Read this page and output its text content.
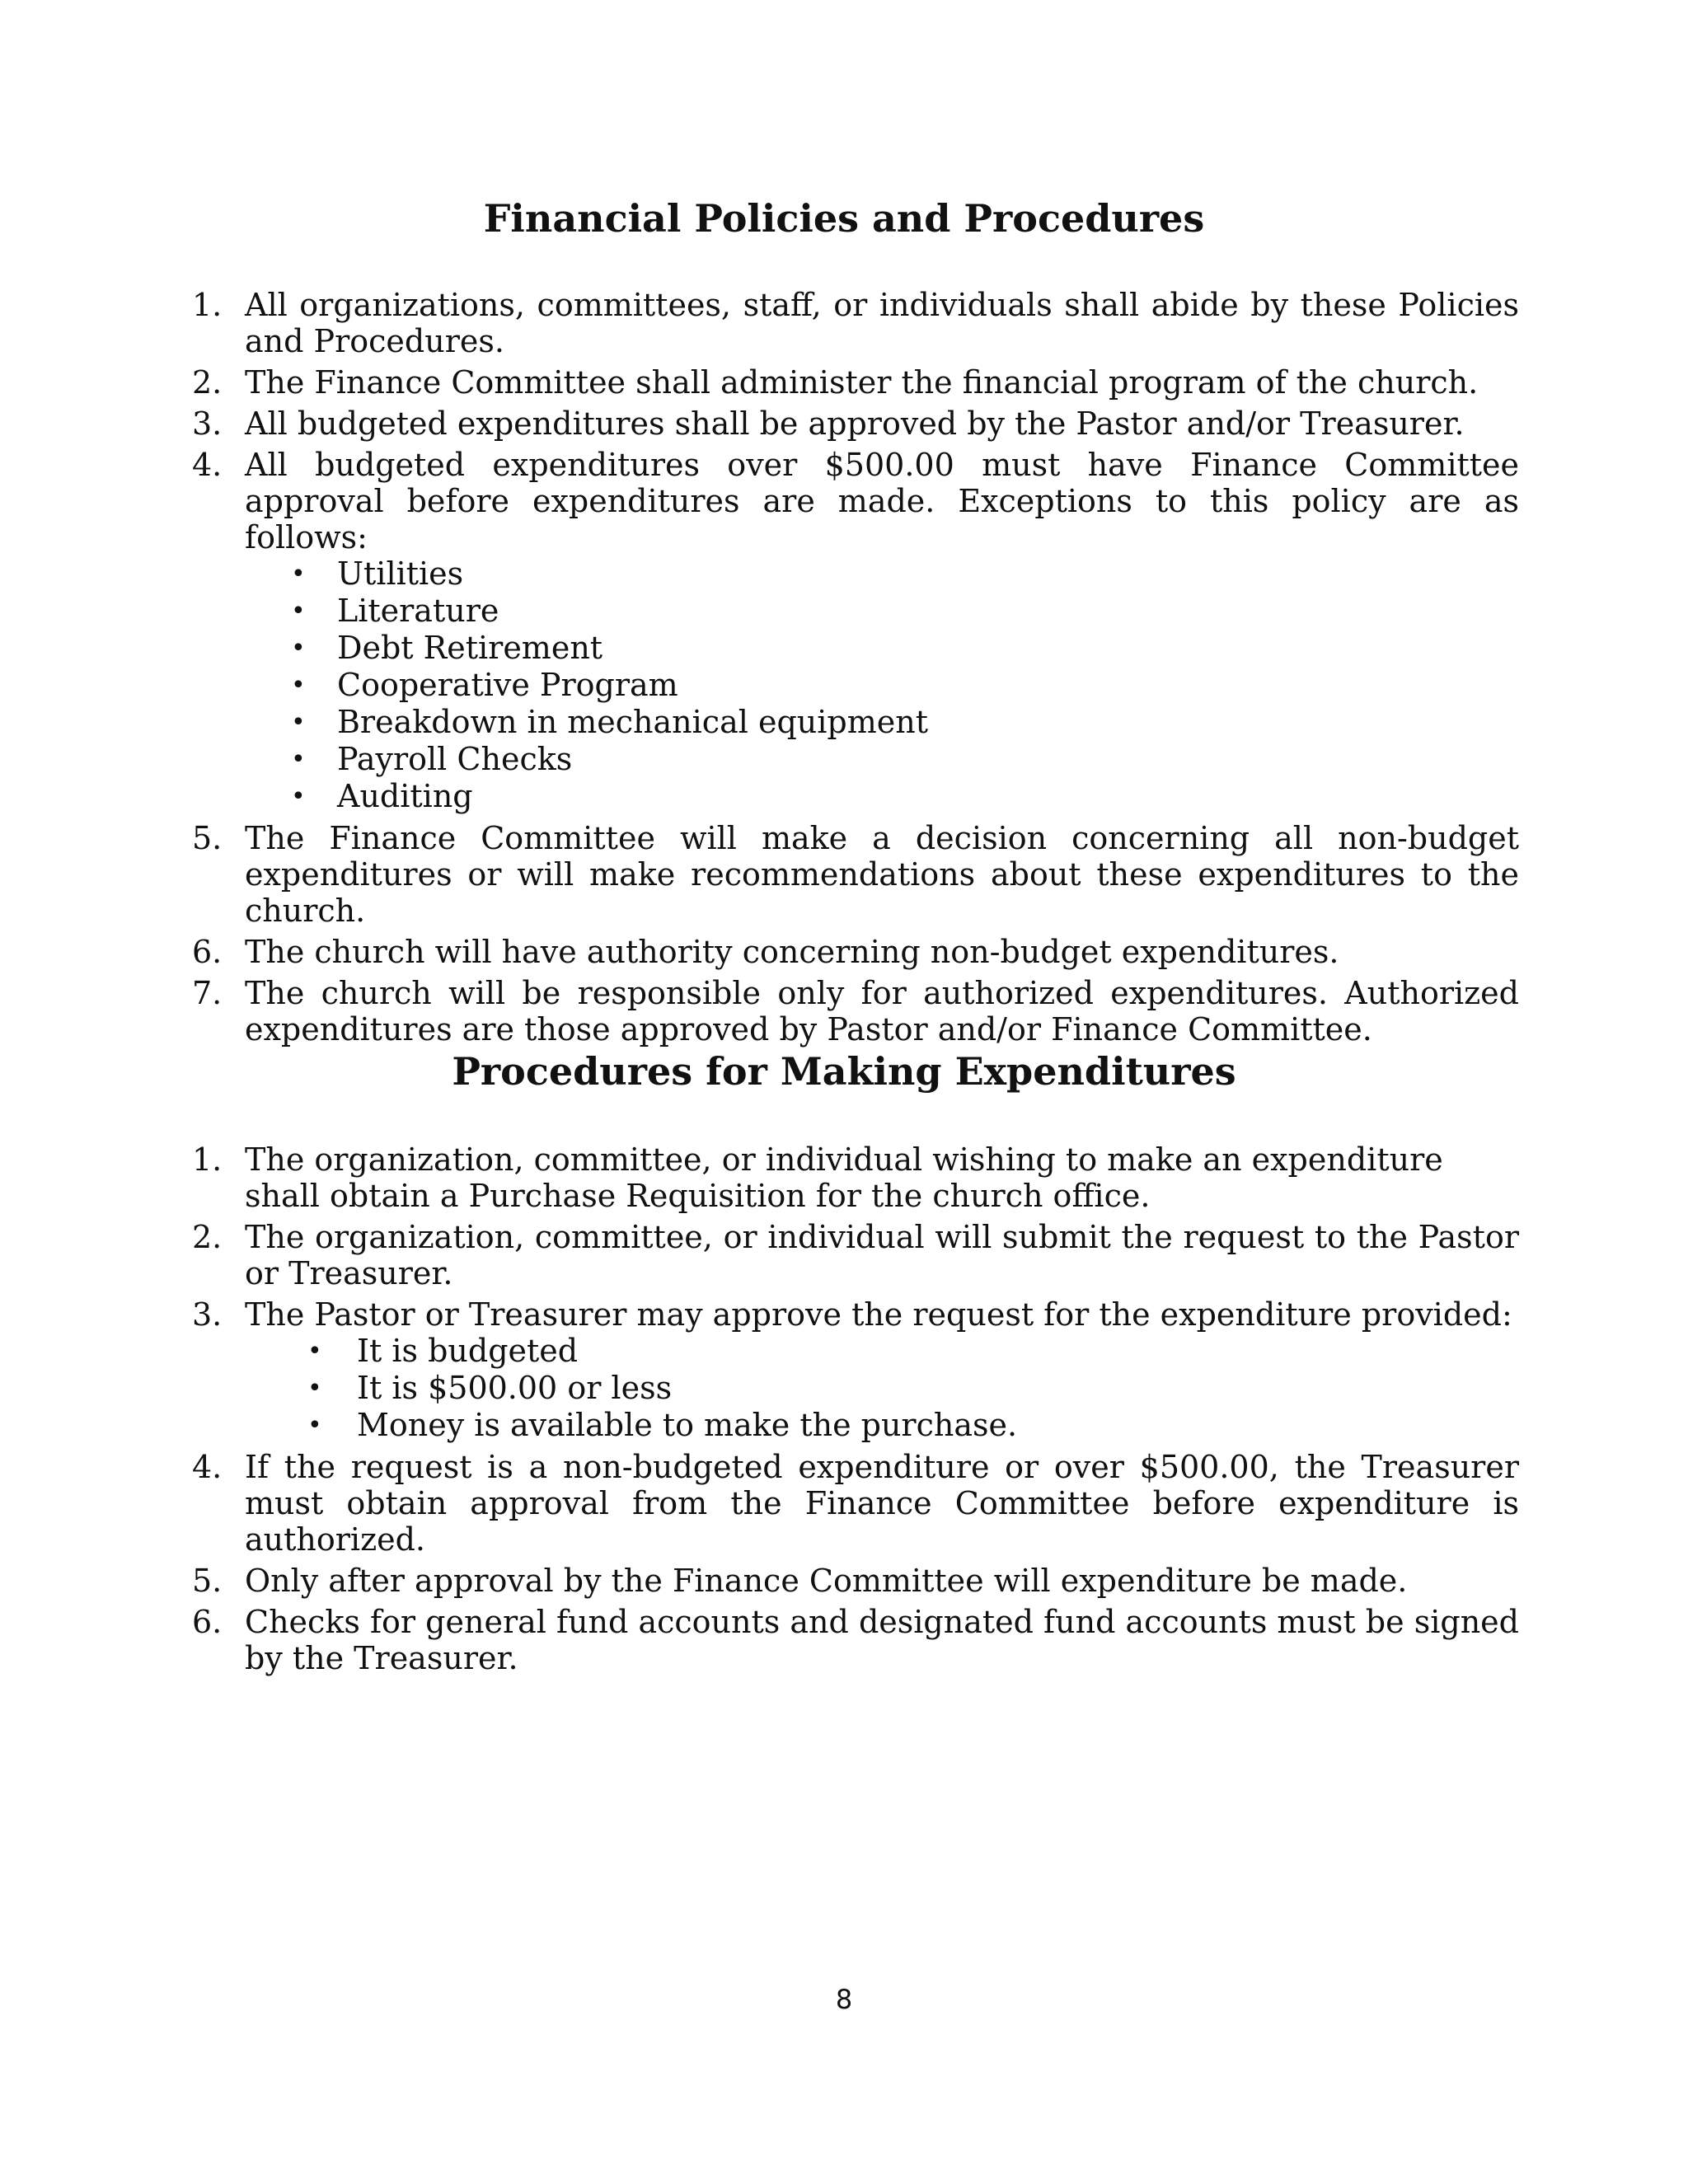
Financial Policies and Procedures
1. All organizations, committees, staff, or individuals shall abide by these Policies and Procedures.
2. The Finance Committee shall administer the financial program of the church.
3. All budgeted expenditures shall be approved by the Pastor and/or Treasurer.
4. All budgeted expenditures over $500.00 must have Finance Committee approval before expenditures are made. Exceptions to this policy are as follows:
•	Utilities
•	Literature
•	Debt Retirement
•	Cooperative Program
•	Breakdown in mechanical equipment
•	Payroll Checks
•	Auditing
5. The Finance Committee will make a decision concerning all non-budget expenditures or will make recommendations about these expenditures to the church.
6. The church will have authority concerning non-budget expenditures.
7. The church will be responsible only for authorized expenditures. Authorized expenditures are those approved by Pastor and/or Finance Committee.
Procedures for Making Expenditures
1. The organization, committee, or individual wishing to make an expenditure shall obtain a Purchase Requisition for the church office.
2. The organization, committee, or individual will submit the request to the Pastor or Treasurer.
3. The Pastor or Treasurer may approve the request for the expenditure provided:
•	It is budgeted
•	It is $500.00 or less
•	Money is available to make the purchase.
4. If the request is a non-budgeted expenditure or over $500.00, the Treasurer must obtain approval from the Finance Committee before expenditure is authorized.
5. Only after approval by the Finance Committee will expenditure be made.
6. Checks for general fund accounts and designated fund accounts must be signed by the Treasurer.
8
